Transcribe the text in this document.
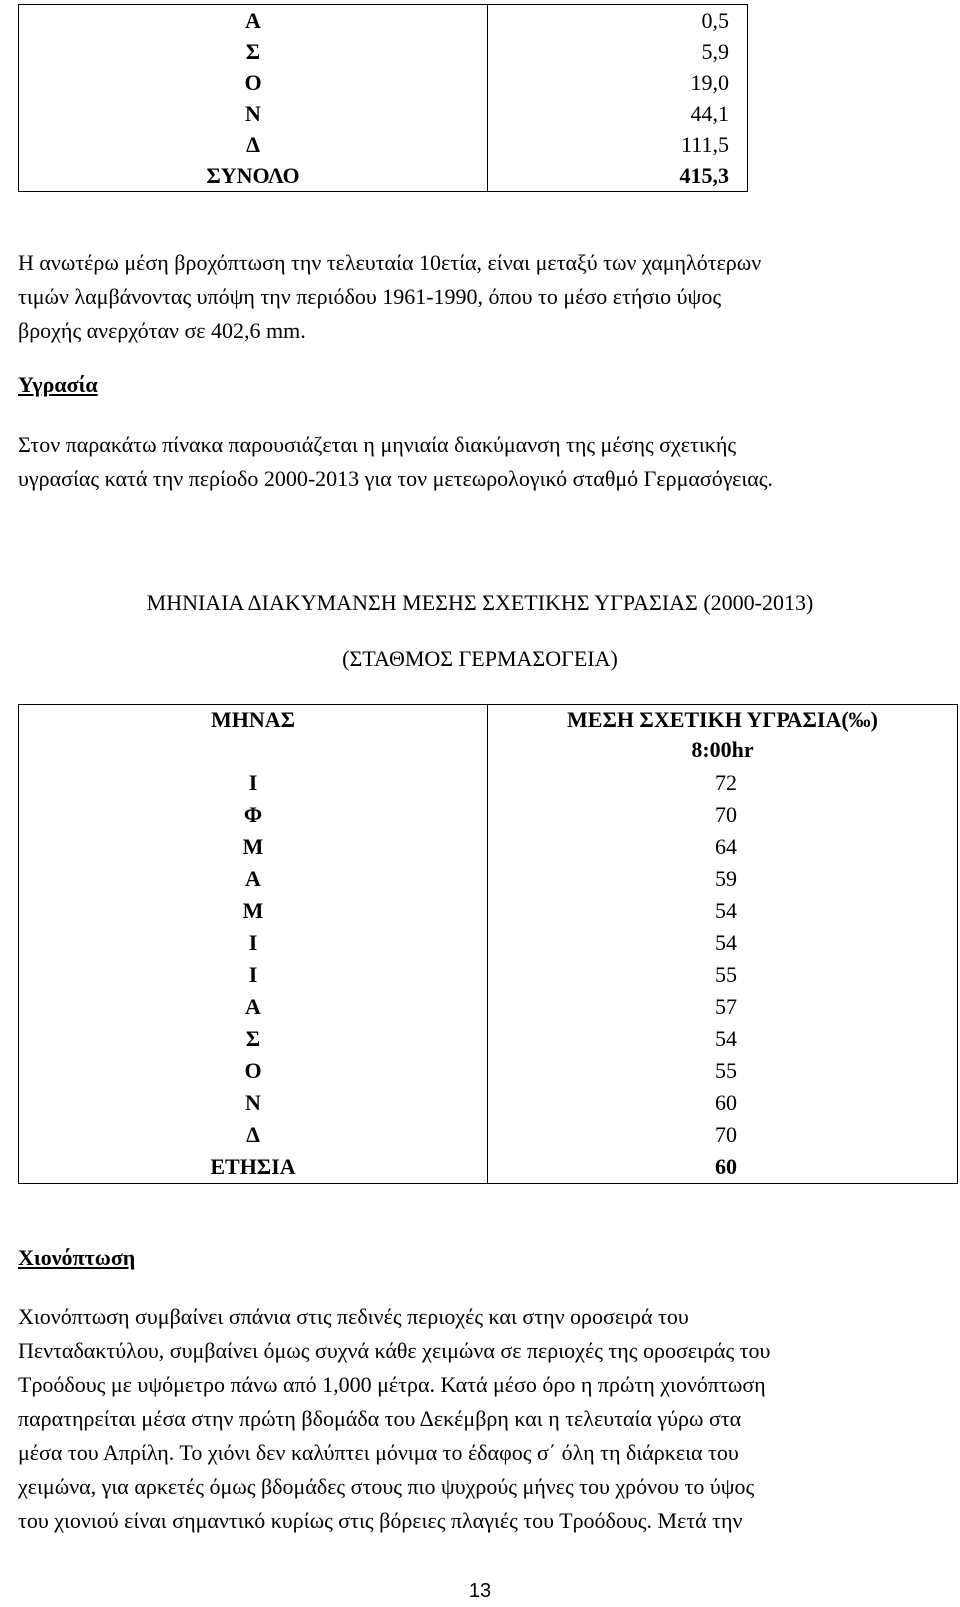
Α	0,5
Σ	5,9
Ο	19,0
Ν	44,1
Δ	111,5
ΣΥΝΟΛΟ	415,3
Η ανωτέρω μέση βροχόπτωση την τελευταία 10ετία, είναι μεταξύ των χαμηλότερων
τιμών λαμβάνοντας υπόψη την περιόδου 1961-1990, όπου το μέσο ετήσιο ύψος
βροχής ανερχόταν σε 402,6 mm.
Υγρασία
Στον παρακάτω πίνακα παρουσιάζεται η μηνιαία διακύμανση της μέσης σχετικής
υγρασίας κατά την περίοδο 2000-2013 για τον μετεωρολογικό σταθμό Γερμασόγειας.
ΜΗΝΙΑΙΑ ΔΙΑΚΥΜΑΝΣΗ ΜΕΣΗΣ ΣΧΕΤΙΚΗΣ ΥΓΡΑΣΙΑΣ (2000-2013)
(ΣΤΑΘΜΟΣ ΓΕΡΜΑΣΟΓΕΙΑ)
ΜΗΝΑΣ	ΜΕΣΗ ΣΧΕΤΙΚΗ ΥΓΡΑΣΙΑ(‰)
8:00hr

Ι	72
Φ	70
Μ	64
Α	59
Μ	54
Ι	54
Ι	55
Α	57
Σ	54
Ο	55
Ν	60
Δ	70
ΕΤΗΣΙΑ	60
Χιονόπτωση
Χιονόπτωση συμβαίνει σπάνια στις πεδινές περιοχές και στην οροσειρά του
Πενταδακτύλου, συμβαίνει όμως συχνά κάθε χειμώνα σε περιοχές της οροσειράς του
Τροόδους με υψόμετρο πάνω από 1,000 μέτρα. Κατά μέσο όρο η πρώτη χιονόπτωση
παρατηρείται μέσα στην πρώτη βδομάδα του Δεκέμβρη και η τελευταία γύρω στα
μέσα του Απρίλη. Το χιόνι δεν καλύπτει μόνιμα το έδαφος σ΄ όλη τη διάρκεια του
χειμώνα, για αρκετές όμως βδομάδες στους πιο ψυχρούς μήνες του χρόνου το ύψος
του χιονιού είναι σημαντικό κυρίως στις βόρειες πλαγιές του Τροόδους. Μετά την
13
